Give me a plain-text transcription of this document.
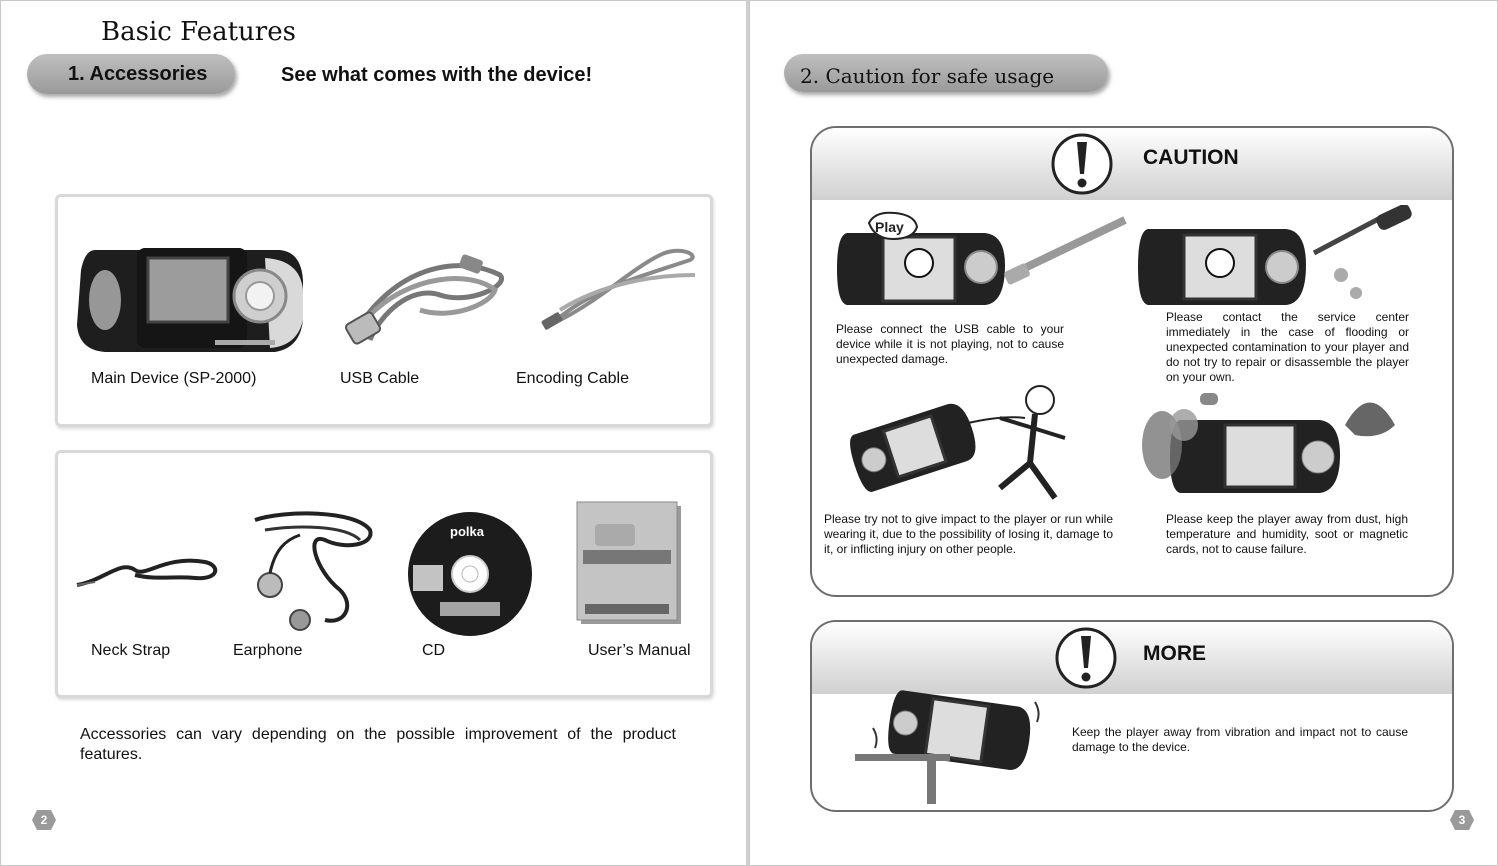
Basic Features
1. Accessories	See what comes with the device!
Main Device (SP-2000)	USB Cable	Encoding Cable
polka
Neck Strap	Earphone	CD	User’s Manual
Accessories can vary depending on the possible improvement of the product features.
2
2. Caution for safe usage
CAUTION
Play
Please connect the USB cable to your device while it is not playing, not to cause unexpected damage.
Please contact the service center immediately in the case of flooding or unexpected contamination to your player and do not try to repair or disassemble the player on your own.
Please try not to give impact to the player or run while wearing it, due to the possibility of losing it, damage to it, or inflicting injury on other people.
Please keep the player away from dust, high temperature and humidity, soot or magnetic cards, not to cause failure.
MORE
Keep the player away from vibration and impact not to cause damage to the device.
3
